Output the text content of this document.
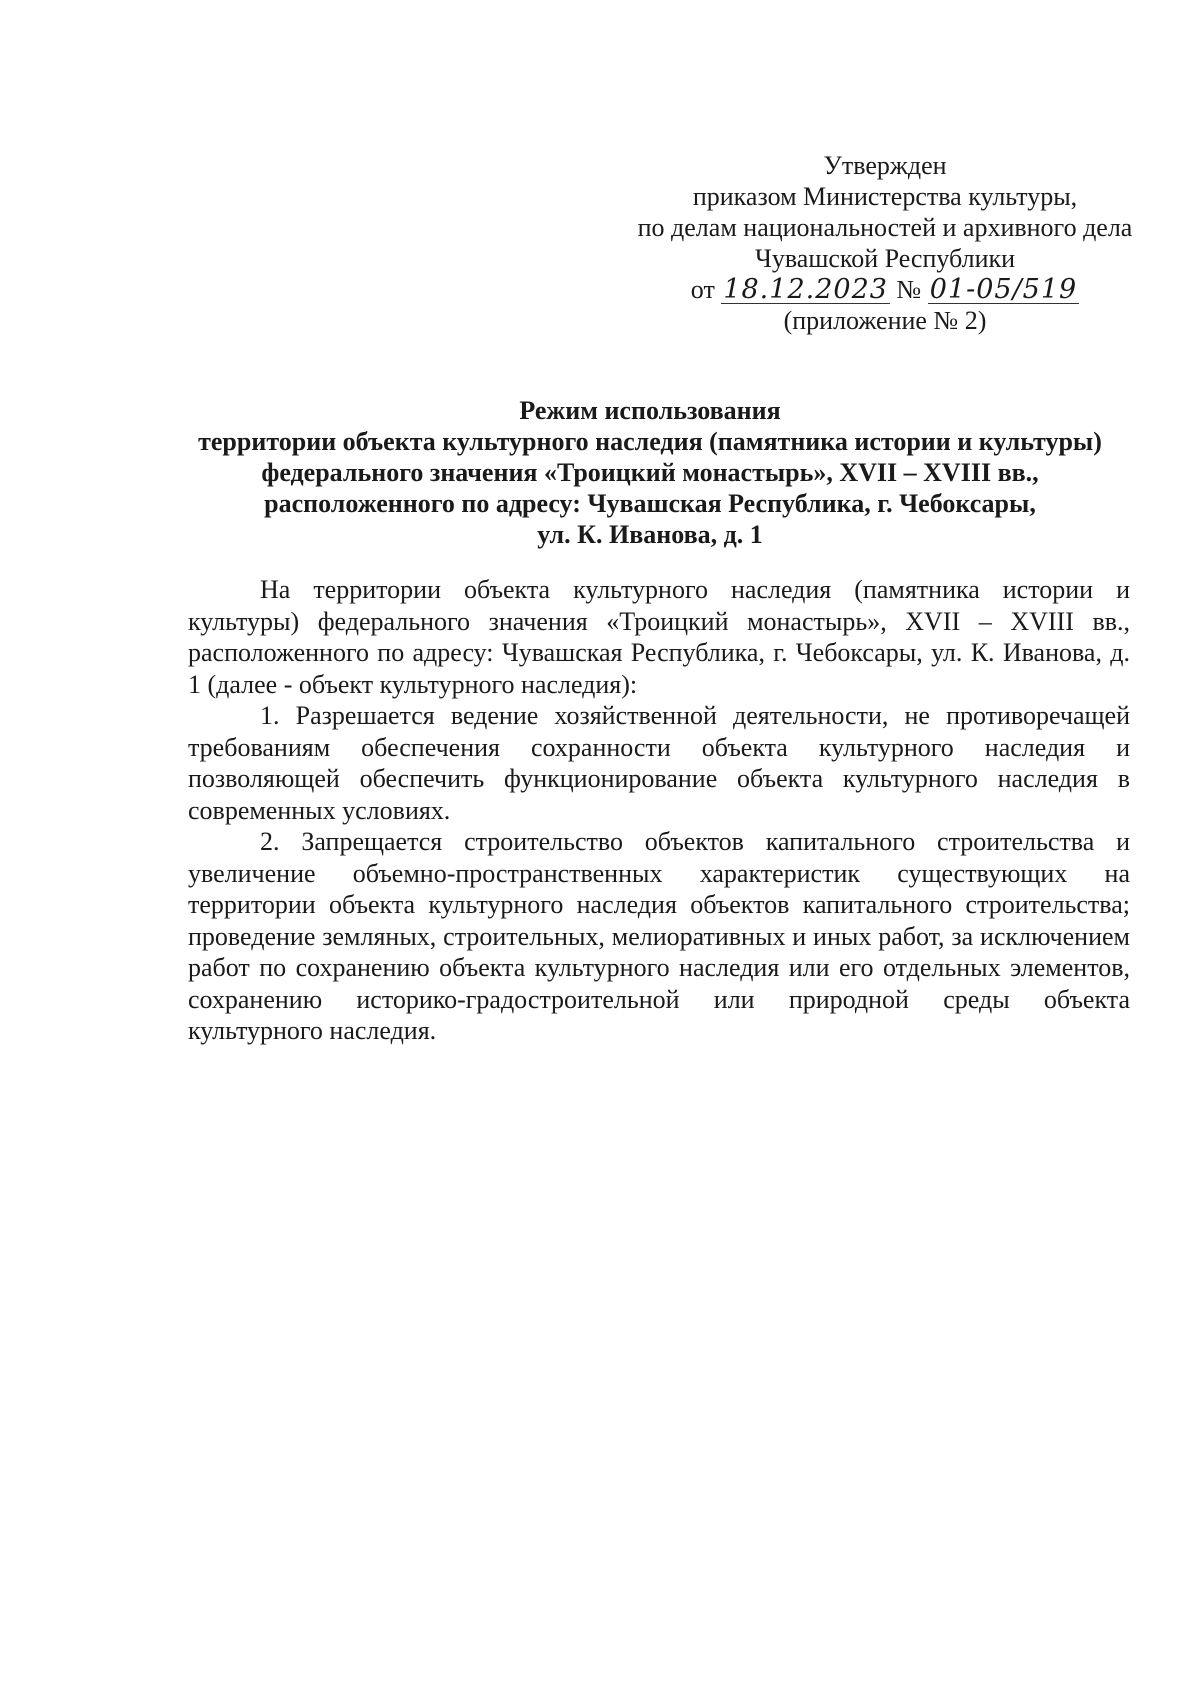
Утвержден
приказом Министерства культуры,
по делам национальностей и архивного дела
Чувашской Республики
от 18.12.2023 № 01-05/519
(приложение № 2)
Режим использования
территории объекта культурного наследия (памятника истории и культуры)
федерального значения «Троицкий монастырь», XVII – XVIII вв.,
расположенного по адресу: Чувашская Республика, г. Чебоксары,
ул. К. Иванова, д. 1

На территории объекта культурного наследия (памятника истории и культуры) федерального значения «Троицкий монастырь», XVII – XVIII вв., расположенного по адресу: Чувашская Республика, г. Чебоксары, ул. К. Иванова, д. 1 (далее - объект культурного наследия):

1. Разрешается ведение хозяйственной деятельности, не противоречащей требованиям обеспечения сохранности объекта культурного наследия и позволяющей обеспечить функционирование объекта культурного наследия в современных условиях.

2. Запрещается строительство объектов капитального строительства и увеличение объемно-пространственных характеристик существующих на территории объекта культурного наследия объектов капитального строительства; проведение земляных, строительных, мелиоративных и иных работ, за исключением работ по сохранению объекта культурного наследия или его отдельных элементов, сохранению историко-градостроительной или природной среды объекта культурного наследия.
